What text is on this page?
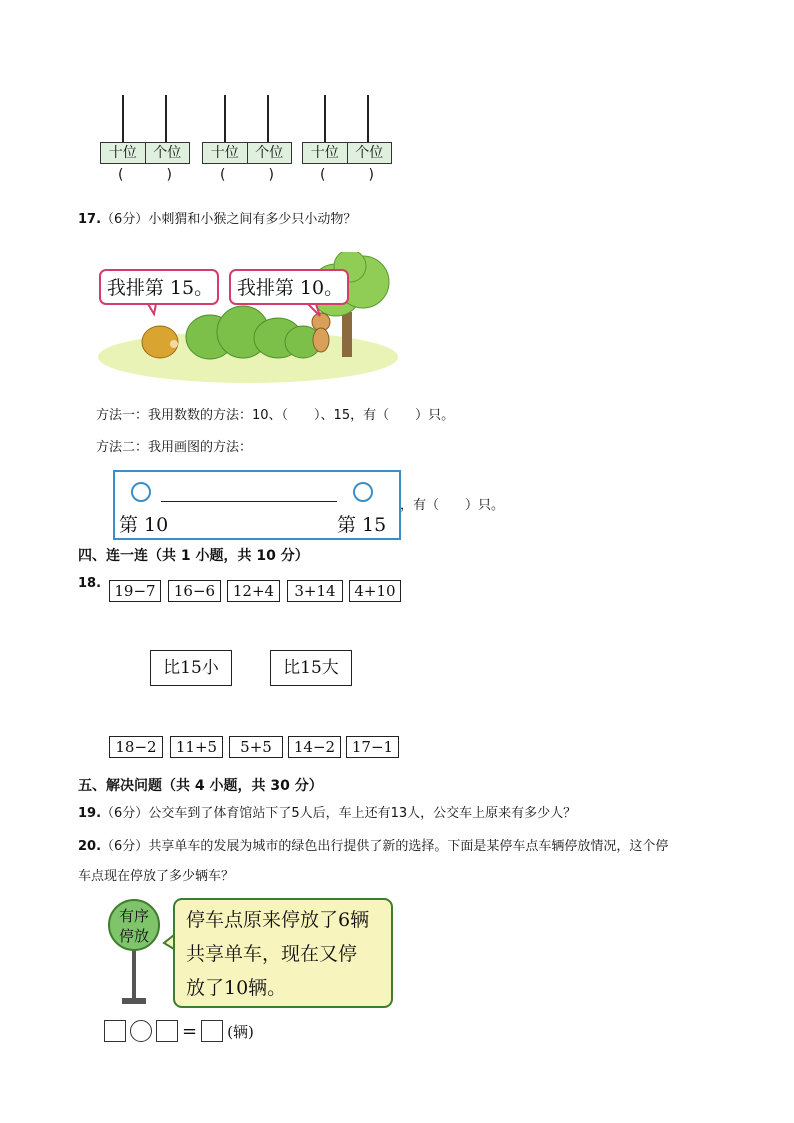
十位	个位
(	)
十位	个位
(	)
十位	个位
(	)
17.（6分）小刺猬和小猴之间有多少只小动物？
我排第 15。 我排第 10。
方法一：我用数数的方法：10、（　　）、15，有（　　）只。
方法二：我用画图的方法：
第 10	第 15
，有（　　）只。
四、连一连（共 1 小题，共 10 分）
18. 19−7	16−6	12+4	3+14	4+10
比15小	比15大
18−2	11+5	5+5	14−2	17−1
五、解决问题（共 4 小题，共 30 分）
19.（6分）公交车到了体育馆站下了5人后，车上还有13人，公交车上原来有多少人？
20.（6分）共享单车的发展为城市的绿色出行提供了新的选择。下面是某停车点车辆停放情况，这个停
车点现在停放了多少辆车？
有序
停放
停车点原来停放了6辆
共享单车，现在又停
放了10辆。
= (辆)
